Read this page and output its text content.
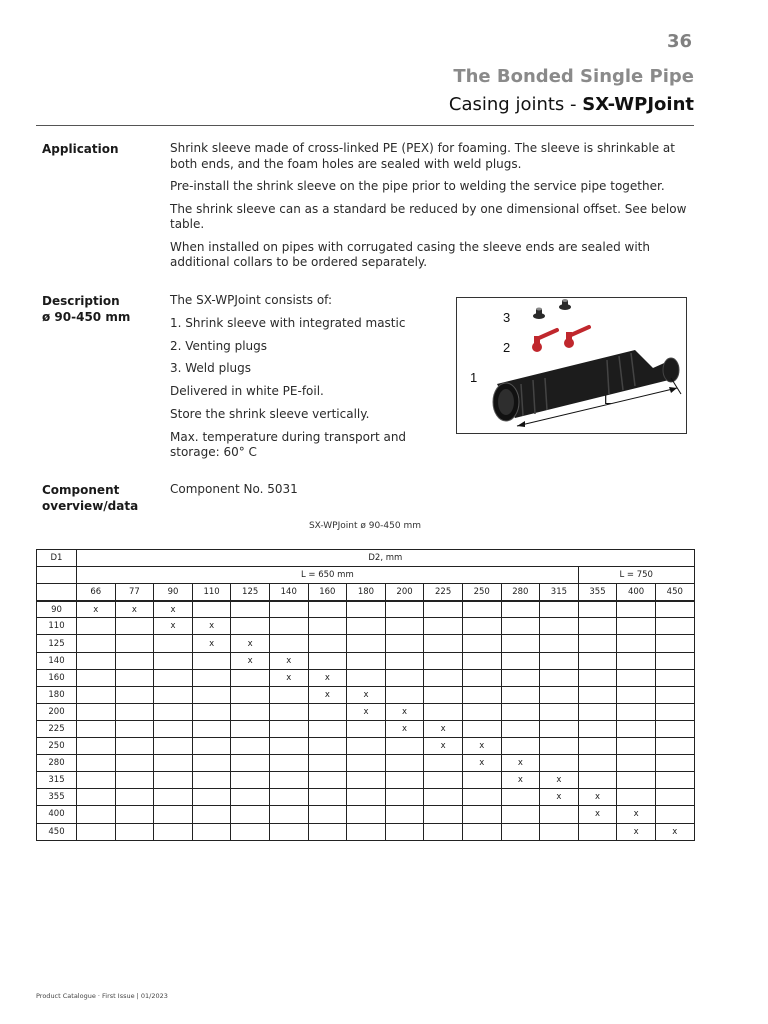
36
The Bonded Single Pipe
Casing joints - SX-WPJoint
Application	Shrink sleeve made of cross-linked PE (PEX) for foaming. The sleeve is shrinkable at both ends, and the foam holes are sealed with weld plugs.

Pre-install the shrink sleeve on the pipe prior to welding the service pipe together.

The shrink sleeve can as a standard be reduced by one dimensional offset. See below table.

When installed on pipes with corrugated casing the sleeve ends are sealed with additional collars to be ordered separately.

Description
ø 90-450 mm
The SX-WPJoint consists of:
1. Shrink sleeve with integrated mastic
2. Venting plugs
3. Weld plugs
Delivered in white PE-foil.
Store the shrink sleeve vertically.
Max. temperature during transport and storage: 60° C
3
2
1
L
Component
overview/data
Component No. 5031
SX-WPJoint ø 90-450 mm
D1	D2, mm															
	L = 650 mm													L = 750		
	66	77	90	110	125	140	160	180	200	225	250	280	315	355	400	450
90	x	x	x													
110			x	x												
125				x	x											
140					x	x										
160						x	x									
180							x	x								
200								x	x							
225									x	x						
250										x	x					
280											x	x				
315												x	x			
355													x	x		
400														x	x	
450															x	x
Product Catalogue · First Issue | 01/2023
